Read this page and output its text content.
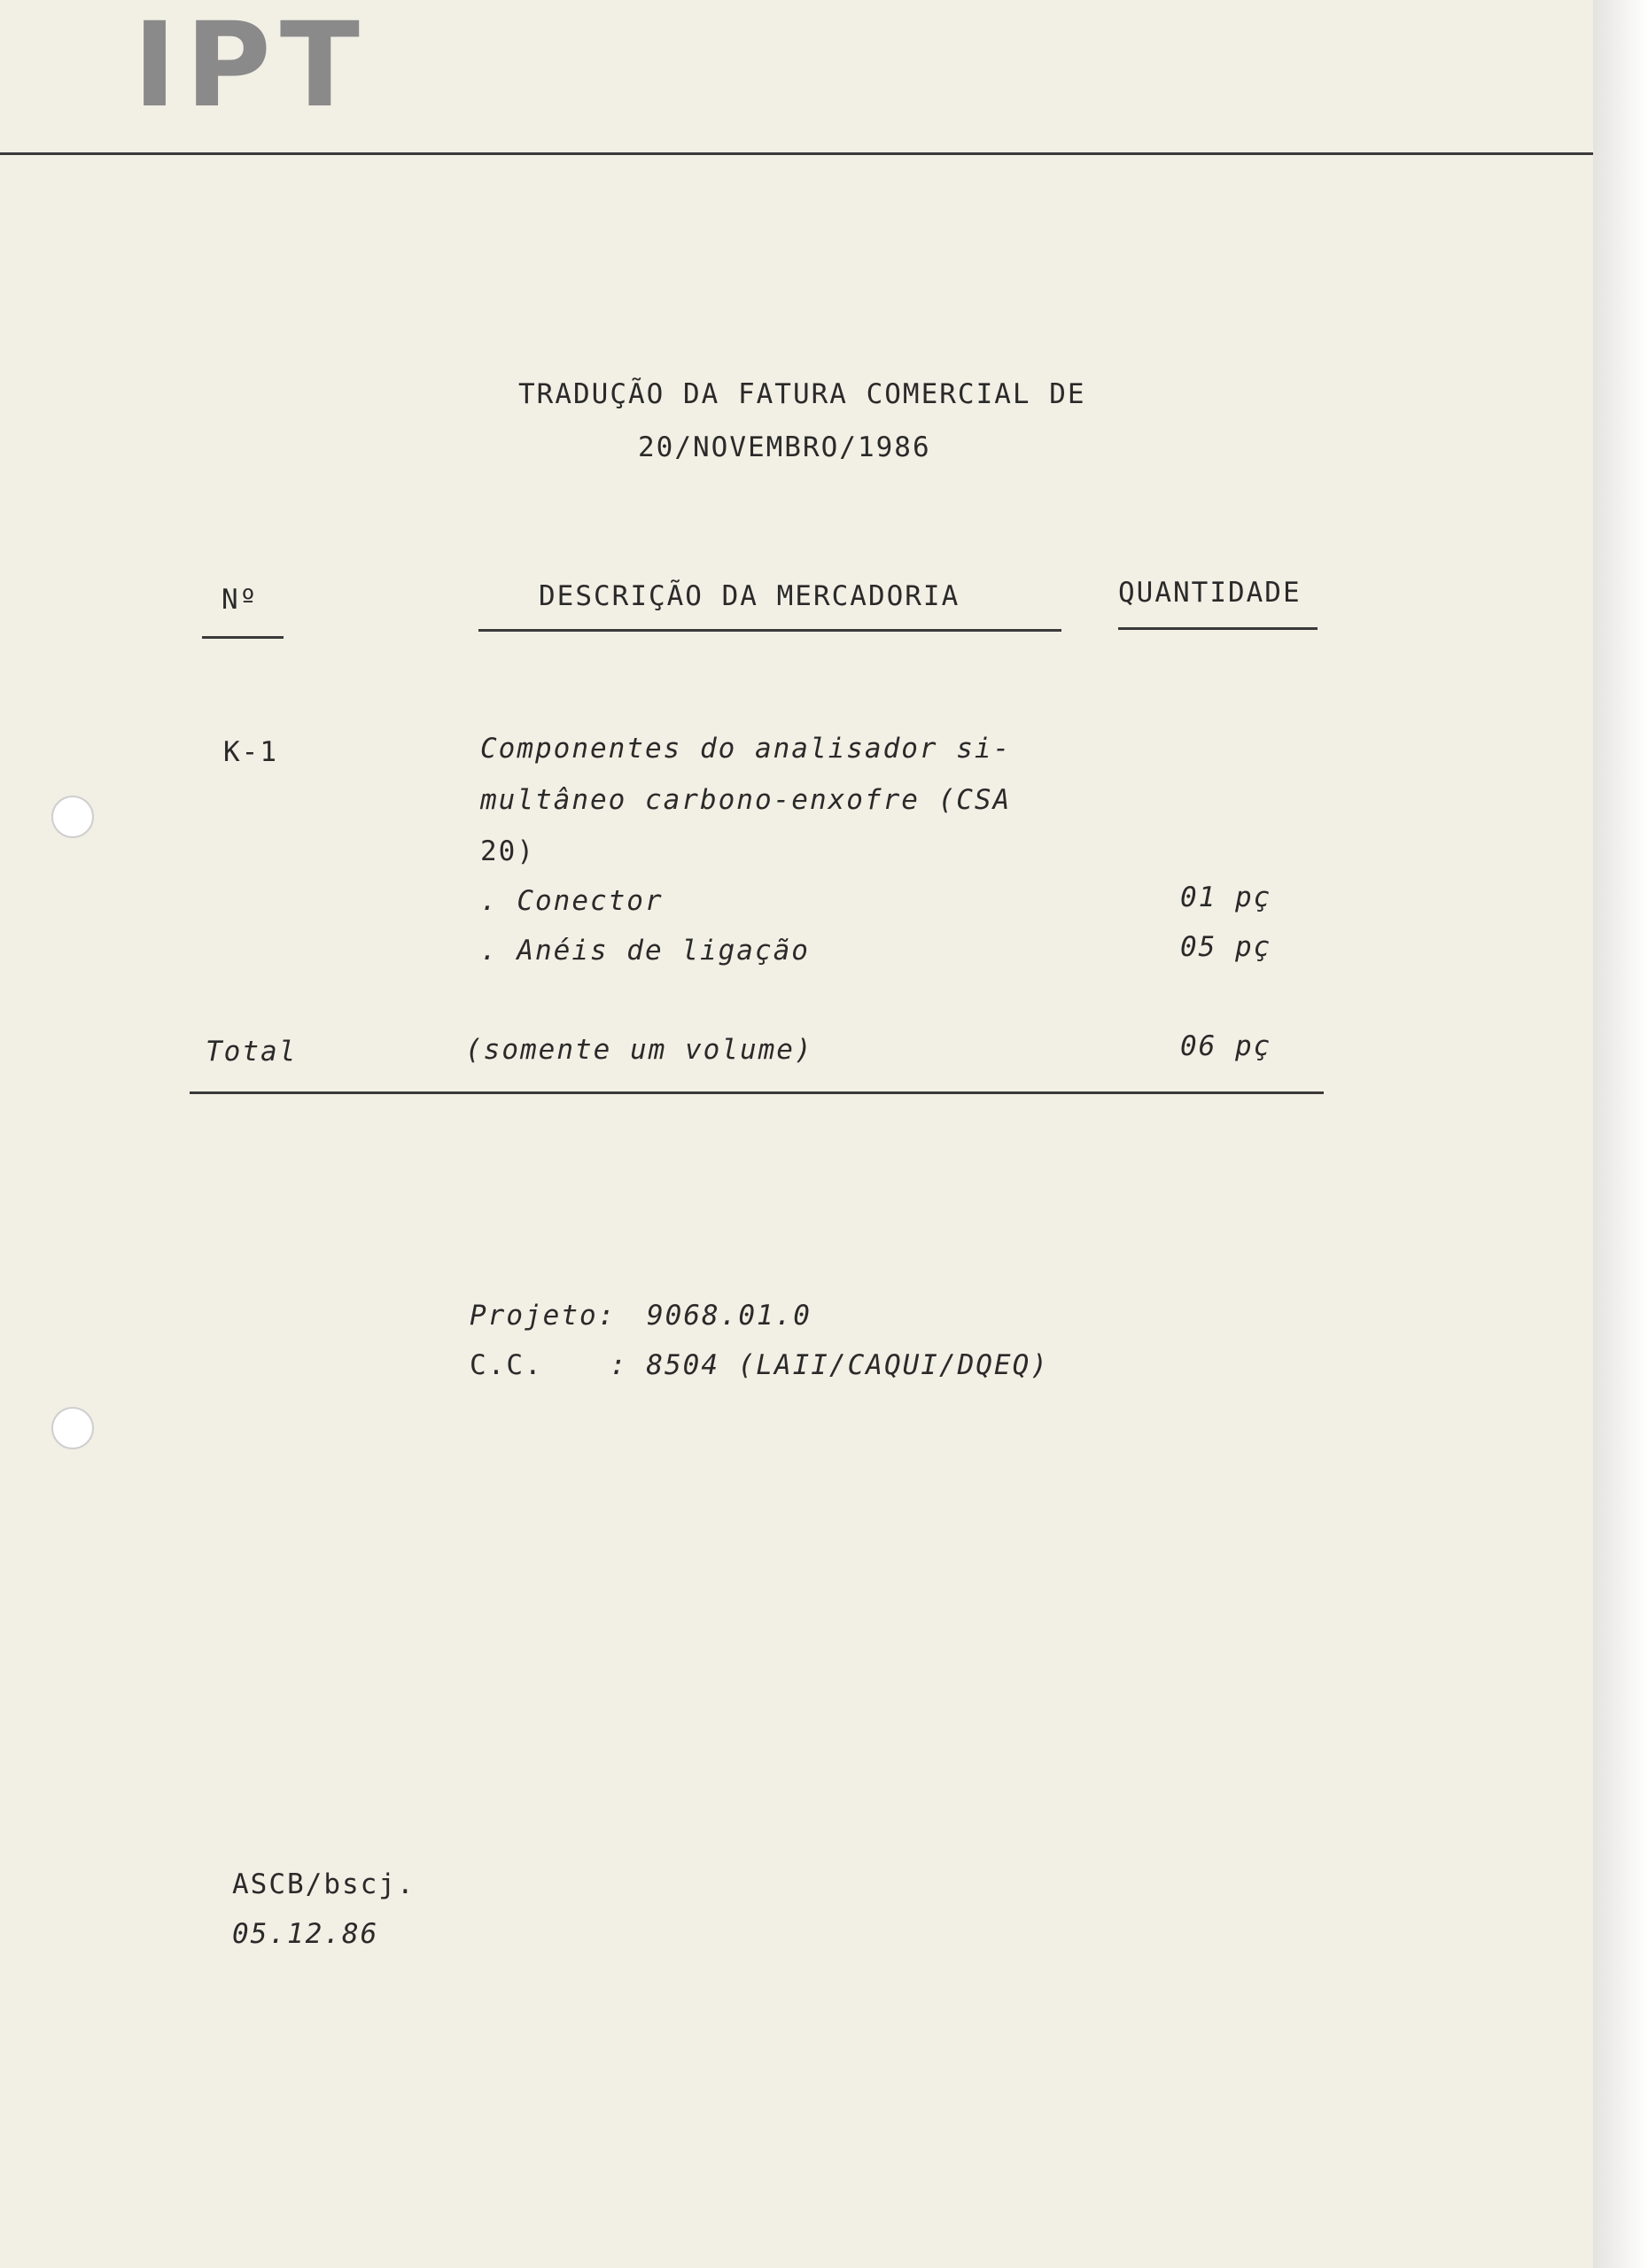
IPT
TRADUÇÃO DA FATURA COMERCIAL DE
20/NOVEMBRO/1986
Nº	DESCRIÇÃO DA MERCADORIA	QUANTIDADE
K-1	Componentes do analisador si-
multâneo carbono-enxofre (CSA
20)
. Conector	01 pç
. Anéis de ligação	05 pç
Total	(somente um volume)	06 pç
Projeto: 9068.01.0
C.C. : 8504 (LAII/CAQUI/DQEQ)
ASCB/bscj.
05.12.86
